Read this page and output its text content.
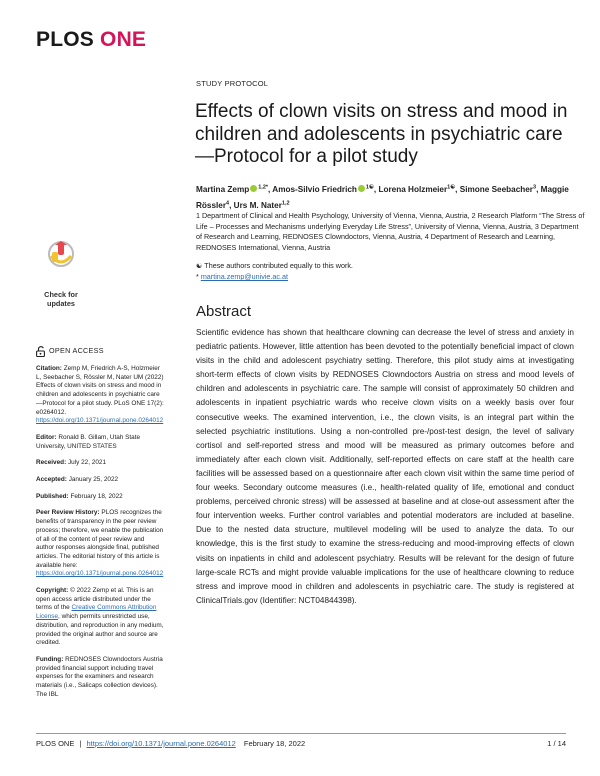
PLOS ONE
STUDY PROTOCOL
Effects of clown visits on stress and mood in children and adolescents in psychiatric care—Protocol for a pilot study
Martina Zemp $^{1,2*}$, Amos-Silvio Friedrich $^{1☯}$, Lorena Holzmeier$^{1☯}$, Simone Seebacher$^3$, Maggie Rössler$^4$, Urs M. Nater$^{1,2}$
1 Department of Clinical and Health Psychology, University of Vienna, Vienna, Austria, 2 Research Platform “The Stress of Life – Processes and Mechanisms underlying Everyday Life Stress”, University of Vienna, Vienna, Austria, 3 Department of Research and Learning, REDNOSES Clowndoctors, Vienna, Austria, 4 Department of Research and Learning, REDNOSES International, Vienna, Austria
☯ These authors contributed equally to this work.
* martina.zemp@univie.ac.at
Check for
updates
OPEN ACCESS
Citation: Zemp M, Friedrich A-S, Holzmeier L, Seebacher S, Rössler M, Nater UM (2022) Effects of clown visits on stress and mood in children and adolescents in psychiatric care—Protocol for a pilot study. PLoS ONE 17(2): e0264012. https://doi.org/10.1371/journal.pone.0264012
Editor: Ronald B. Gillam, Utah State University, UNITED STATES
Received: July 22, 2021
Accepted: January 25, 2022
Published: February 18, 2022
Peer Review History: PLOS recognizes the benefits of transparency in the peer review process; therefore, we enable the publication of all of the content of peer review and author responses alongside final, published articles. The editorial history of this article is available here: https://doi.org/10.1371/journal.pone.0264012
Copyright: © 2022 Zemp et al. This is an open access article distributed under the terms of the Creative Commons Attribution License, which permits unrestricted use, distribution, and reproduction in any medium, provided the original author and source are credited.
Funding: REDNOSES Clowndoctors Austria provided financial support including travel expenses for the examiners and research materials (i.e., Salicaps collection devices). The IBL
Abstract
Scientific evidence has shown that healthcare clowning can decrease the level of stress and anxiety in pediatric patients. However, little attention has been devoted to the potentially beneficial impact of clown visits in the child and adolescent psychiatry setting. Therefore, this pilot study aims at investigating short-term effects of clown visits by REDNOSES Clowndoctors Austria on stress and mood levels of children and adolescents in psychiatric care. The sample will consist of approximately 50 children and adolescents in inpatient psychiatric wards who receive clown visits on a weekly basis over four consecutive weeks. The examined intervention, i.e., the clown visits, is an integral part within the selected psychiatric institutions. Using a non-controlled pre-/post-test design, the level of salivary cortisol and self-reported stress and mood will be measured as primary outcomes before and immediately after each clown visit. Additionally, self-reported effects on care staff at the health care facilities will be assessed based on a questionnaire after each clown visit within the same time period of four weeks. Secondary outcome measures (i.e., health-related quality of life, emotional and conduct problems, perceived chronic stress) will be assessed at baseline and at close-out assessment after the four intervention weeks. Further control variables and potential moderators are included at baseline. Due to the nested data structure, multilevel modeling will be used to analyze the data. To our knowledge, this is the first study to examine the stress-reducing and mood-improving effects of clown visits on inpatients in child and adolescent psychiatry. Results will be relevant for the design of future large-scale RCTs and might provide valuable implications for the use of healthcare clowning to reduce stress and improve mood in children and adolescents in psychiatric care. The study is registered at ClinicalTrials.gov (Identifier: NCT04844398).
PLOS ONE | https://doi.org/10.1371/journal.pone.0264012 February 18, 2022	1 / 14
